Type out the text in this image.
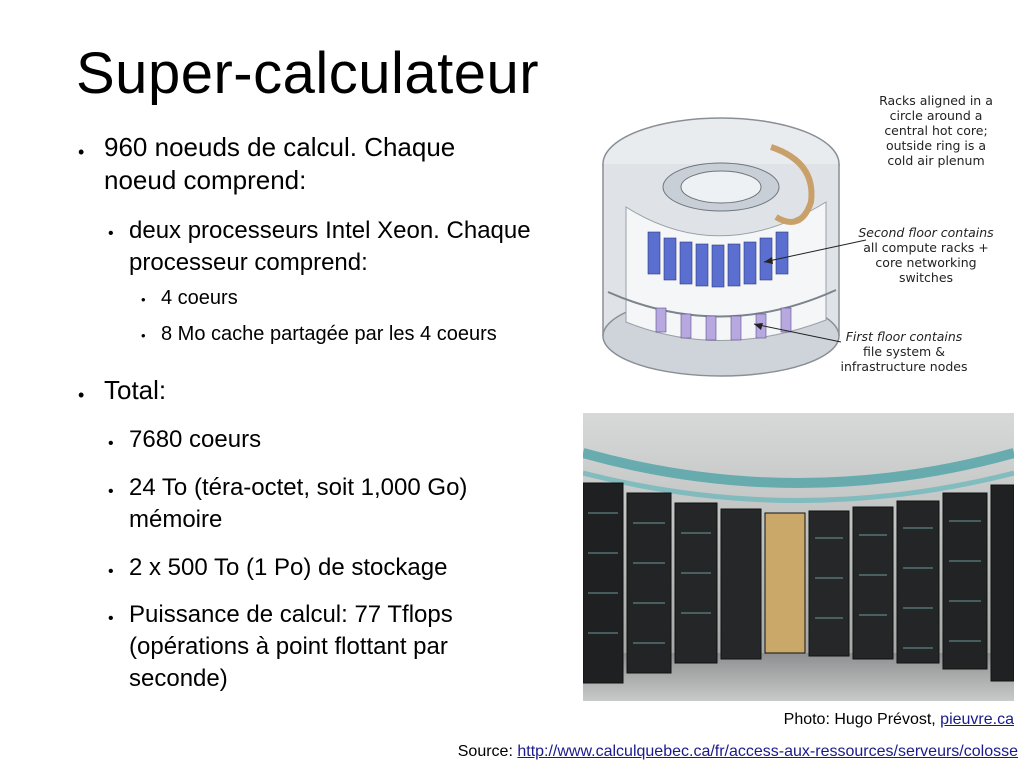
Super-calculateur
• 960 noeuds de calcul. Chaque noeud comprend:
• deux processeurs Intel Xeon. Chaque processeur comprend:
• 4 coeurs
• 8 Mo cache partagée par les 4 coeurs
• Total:
• 7680 coeurs
• 24 To (téra-octet, soit 1,000 Go) mémoire
• 2 x 500 To (1 Po) de stockage
• Puissance de calcul: 77 Tflops (opérations à point flottant par seconde)
Racks aligned in a
circle around a
central hot core;
outside ring is a
cold air plenum
Second floor contains
all compute racks +
core networking
switches
First floor contains
file system &
infrastructure nodes
Photo: Hugo Prévost, pieuvre.ca
Source: http://www.calculquebec.ca/fr/access-aux-ressources/serveurs/colosse
